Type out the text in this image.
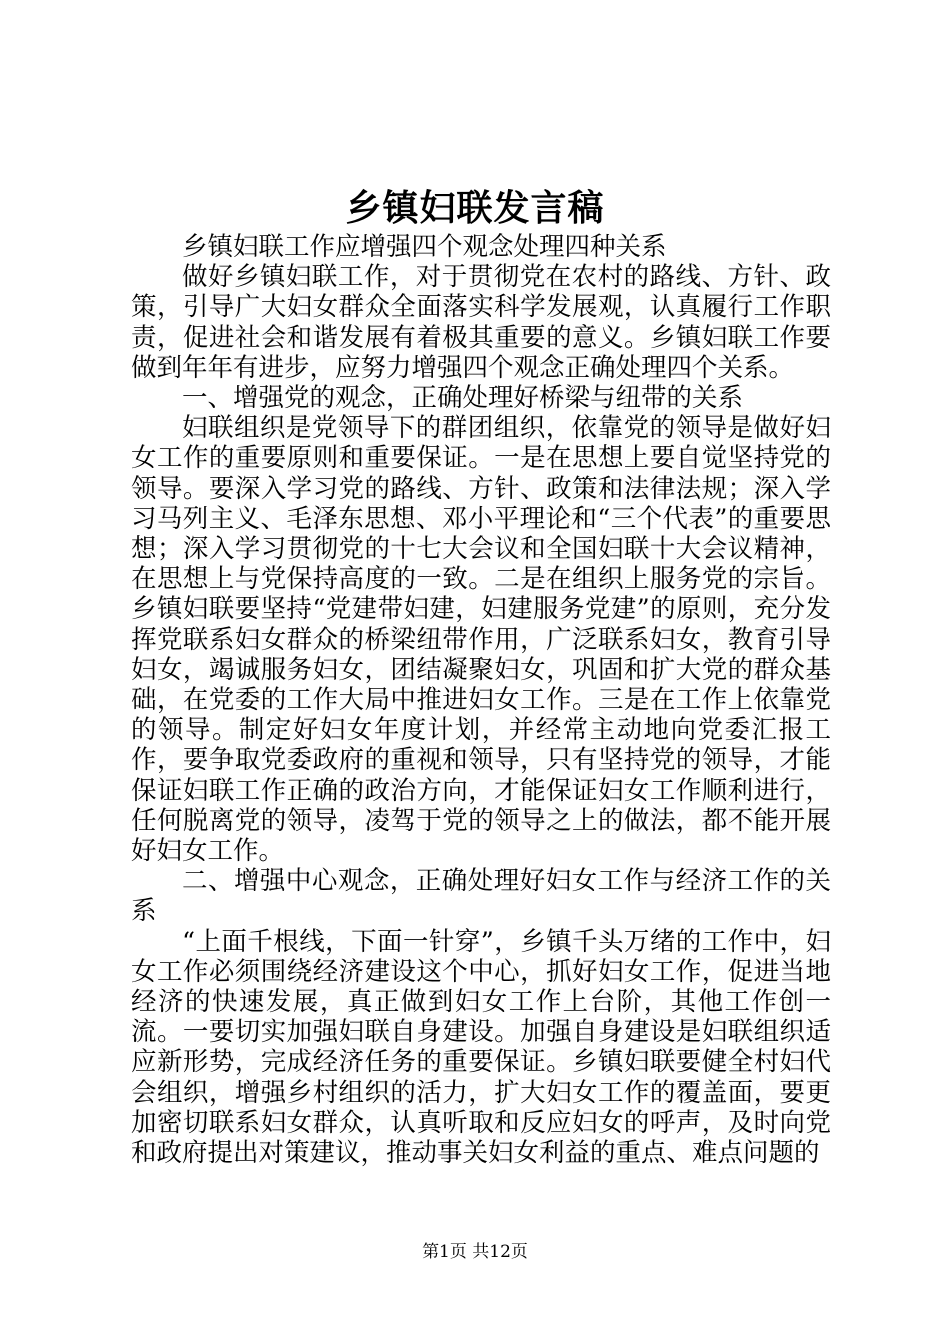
乡镇妇联发言稿

乡镇妇联工作应增强四个观念处理四种关系

做好乡镇妇联工作，对于贯彻党在农村的路线、方针、政策，引导广大妇女群众全面落实科学发展观，认真履行工作职责，促进社会和谐发展有着极其重要的意义。乡镇妇联工作要做到年年有进步，应努力增强四个观念正确处理四个关系。

一、增强党的观念，正确处理好桥梁与纽带的关系

妇联组织是党领导下的群团组织，依靠党的领导是做好妇女工作的重要原则和重要保证。一是在思想上要自觉坚持党的领导。要深入学习党的路线、方针、政策和法律法规；深入学习马列主义、毛泽东思想、邓小平理论和“三个代表”的重要思想；深入学习贯彻党的十七大会议和全国妇联十大会议精神，在思想上与党保持高度的一致。二是在组织上服务党的宗旨。乡镇妇联要坚持“党建带妇建，妇建服务党建”的原则，充分发挥党联系妇女群众的桥梁纽带作用，广泛联系妇女，教育引导妇女，竭诚服务妇女，团结凝聚妇女，巩固和扩大党的群众基础，在党委的工作大局中推进妇女工作。三是在工作上依靠党的领导。制定好妇女年度计划，并经常主动地向党委汇报工作，要争取党委政府的重视和领导，只有坚持党的领导，才能保证妇联工作正确的政治方向，才能保证妇女工作顺利进行，任何脱离党的领导，凌驾于党的领导之上的做法，都不能开展好妇女工作。

二、增强中心观念，正确处理好妇女工作与经济工作的关系

“上面千根线，下面一针穿”，乡镇千头万绪的工作中，妇女工作必须围绕经济建设这个中心，抓好妇女工作，促进当地经济的快速发展，真正做到妇女工作上台阶，其他工作创一流。一要切实加强妇联自身建设。加强自身建设是妇联组织适应新形势，完成经济任务的重要保证。乡镇妇联要健全村妇代会组织，增强乡村组织的活力，扩大妇女工作的覆盖面，要更加密切联系妇女群众，认真听取和反应妇女的呼声，及时向党和政府提出对策建议，推动事关妇女利益的重点、难点问题的

第1页 共12页
